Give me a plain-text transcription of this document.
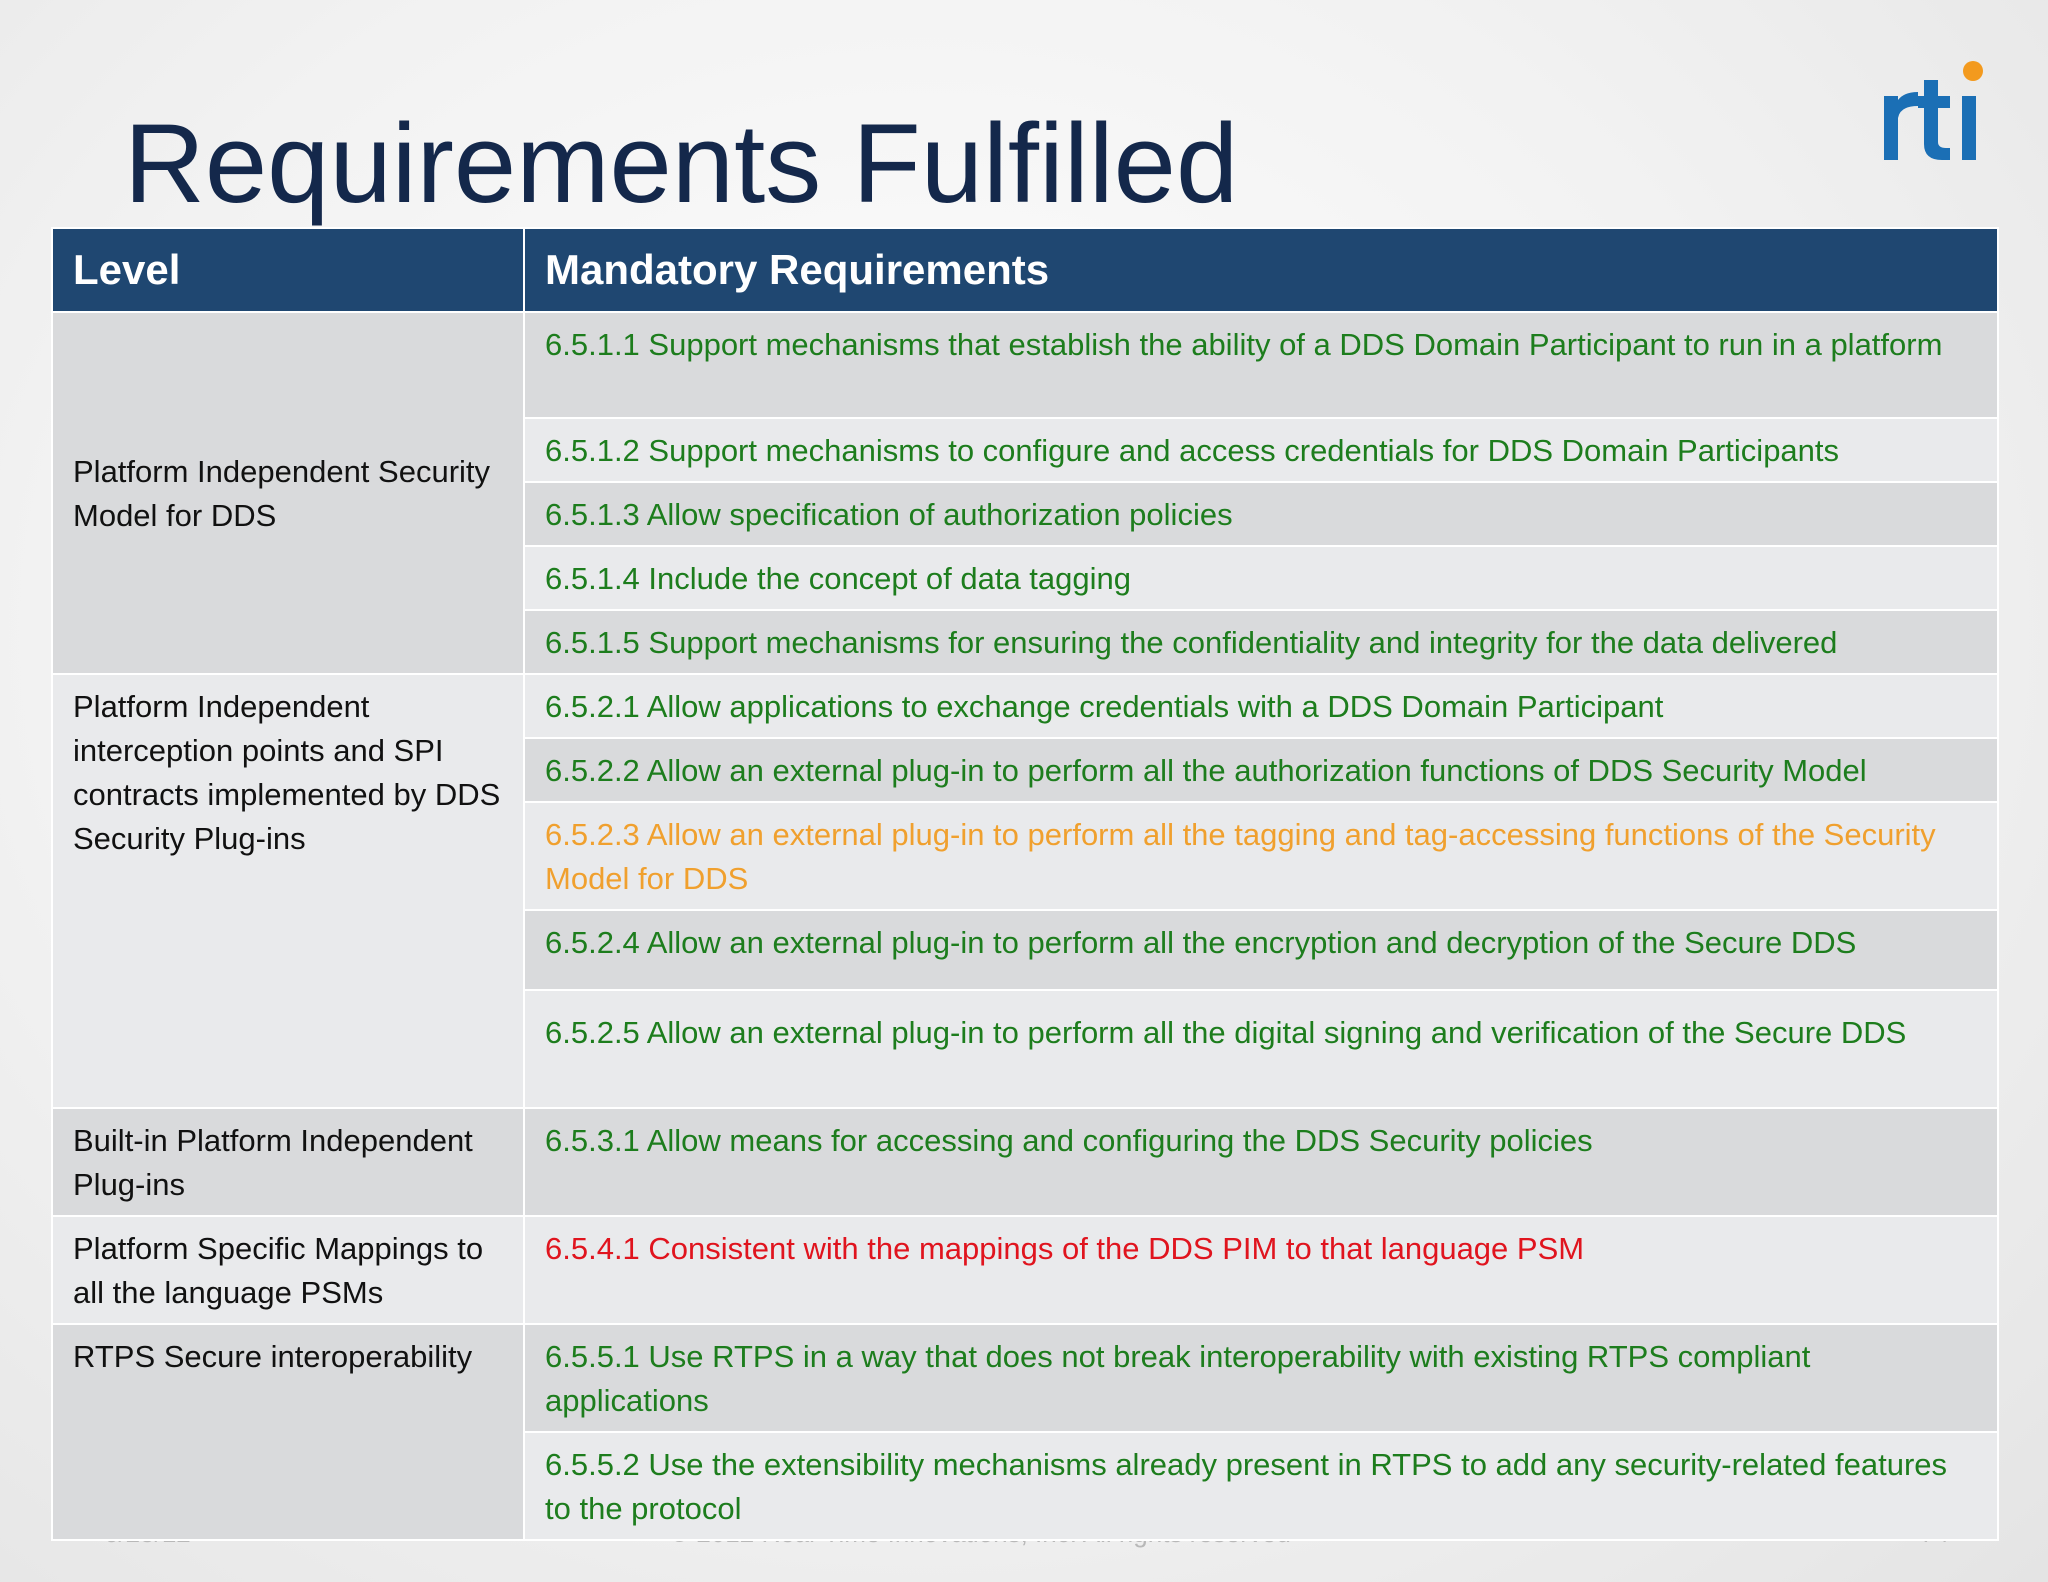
Requirements Fulfilled
Level	Mandatory Requirements
Platform Independent Security Model for DDS	6.5.1.1 Support mechanisms that establish the ability of a DDS Domain Participant to run in a platform
	6.5.1.2 Support mechanisms to configure and access credentials for DDS Domain Participants
	6.5.1.3 Allow specification of authorization policies
	6.5.1.4 Include the concept of data tagging
	6.5.1.5 Support mechanisms for ensuring the confidentiality and integrity for the data delivered
Platform Independent interception points and SPI contracts implemented by DDS Security Plug-ins	6.5.2.1 Allow applications to exchange credentials with a DDS Domain Participant
	6.5.2.2 Allow an external plug-in to perform all the authorization functions of DDS Security Model
	6.5.2.3 Allow an external plug-in to perform all the tagging and tag-accessing functions of the Security Model for DDS
	6.5.2.4 Allow an external plug-in to perform all the encryption and decryption of the Secure DDS
	6.5.2.5 Allow an external plug-in to perform all the digital signing and verification of the Secure DDS
Built-in Platform Independent Plug-ins	6.5.3.1 Allow means for accessing and configuring the DDS Security policies
Platform Specific Mappings to all the language PSMs	6.5.4.1 Consistent with the mappings of the DDS PIM to that language PSM
RTPS Secure interoperability	6.5.5.1 Use RTPS in a way that does not break interoperability with existing RTPS compliant applications
	6.5.5.2 Use the extensibility mechanisms already present in RTPS to add any security-related features to the protocol
